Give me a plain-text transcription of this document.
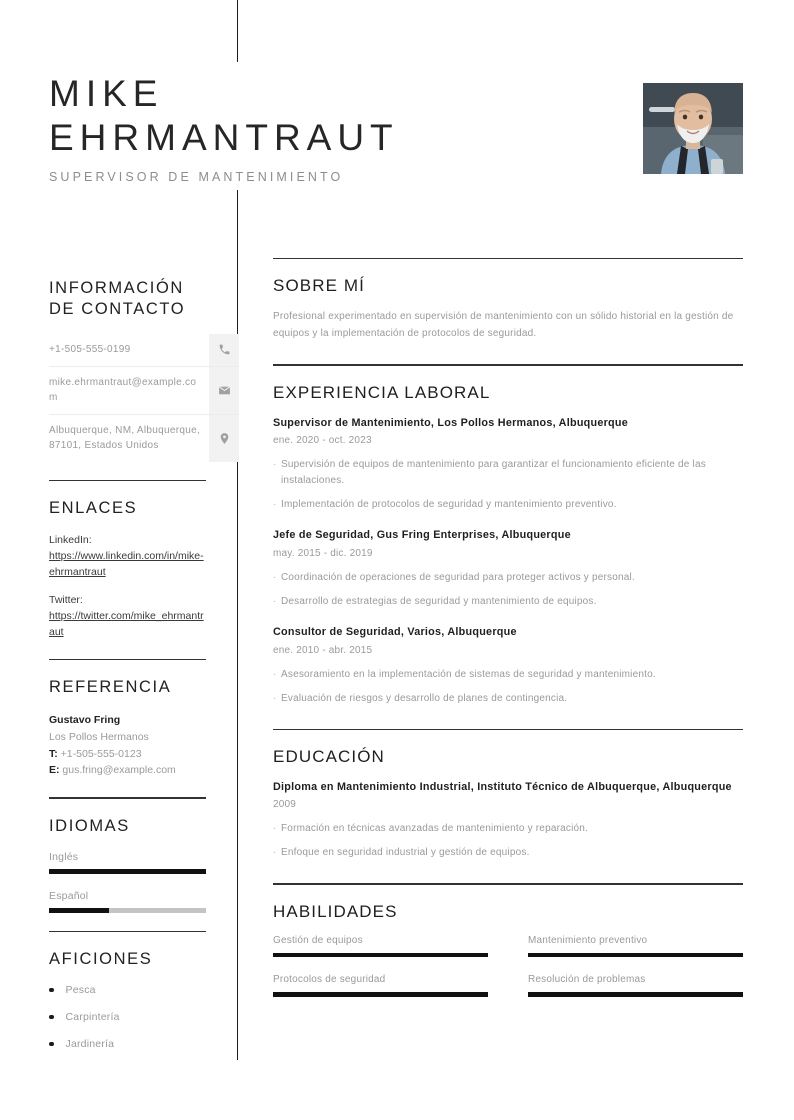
MIKE
EHRMANTRAUT
SUPERVISOR DE MANTENIMIENTO
INFORMACIÓN
DE CONTACTO
+1-505-555-0199
mike.ehrmantraut@example.com
Albuquerque, NM, Albuquerque, 87101, Estados Unidos
ENLACES
LinkedIn:
https://www.linkedin.com/in/mike-ehrmantraut
Twitter:
https://twitter.com/mike_ehrmantraut
REFERENCIA
Gustavo Fring
Los Pollos Hermanos
T: +1-505-555-0123
E: gus.fring@example.com
IDIOMAS
Inglés
Español
AFICIONES
Pesca
Carpintería
Jardinería
SOBRE MÍ
Profesional experimentado en supervisión de mantenimiento con un sólido historial en la gestión de equipos y la implementación de protocolos de seguridad.
EXPERIENCIA LABORAL
Supervisor de Mantenimiento, Los Pollos Hermanos, Albuquerque
ene. 2020 - oct. 2023
· Supervisión de equipos de mantenimiento para garantizar el funcionamiento eficiente de las instalaciones.
· Implementación de protocolos de seguridad y mantenimiento preventivo.
Jefe de Seguridad, Gus Fring Enterprises, Albuquerque
may. 2015 - dic. 2019
· Coordinación de operaciones de seguridad para proteger activos y personal.
· Desarrollo de estrategias de seguridad y mantenimiento de equipos.
Consultor de Seguridad, Varios, Albuquerque
ene. 2010 - abr. 2015
· Asesoramiento en la implementación de sistemas de seguridad y mantenimiento.
· Evaluación de riesgos y desarrollo de planes de contingencia.
EDUCACIÓN
Diploma en Mantenimiento Industrial, Instituto Técnico de Albuquerque, Albuquerque
2009
· Formación en técnicas avanzadas de mantenimiento y reparación.
· Enfoque en seguridad industrial y gestión de equipos.
HABILIDADES
Gestión de equipos	Mantenimiento preventivo
Protocolos de seguridad	Resolución de problemas
